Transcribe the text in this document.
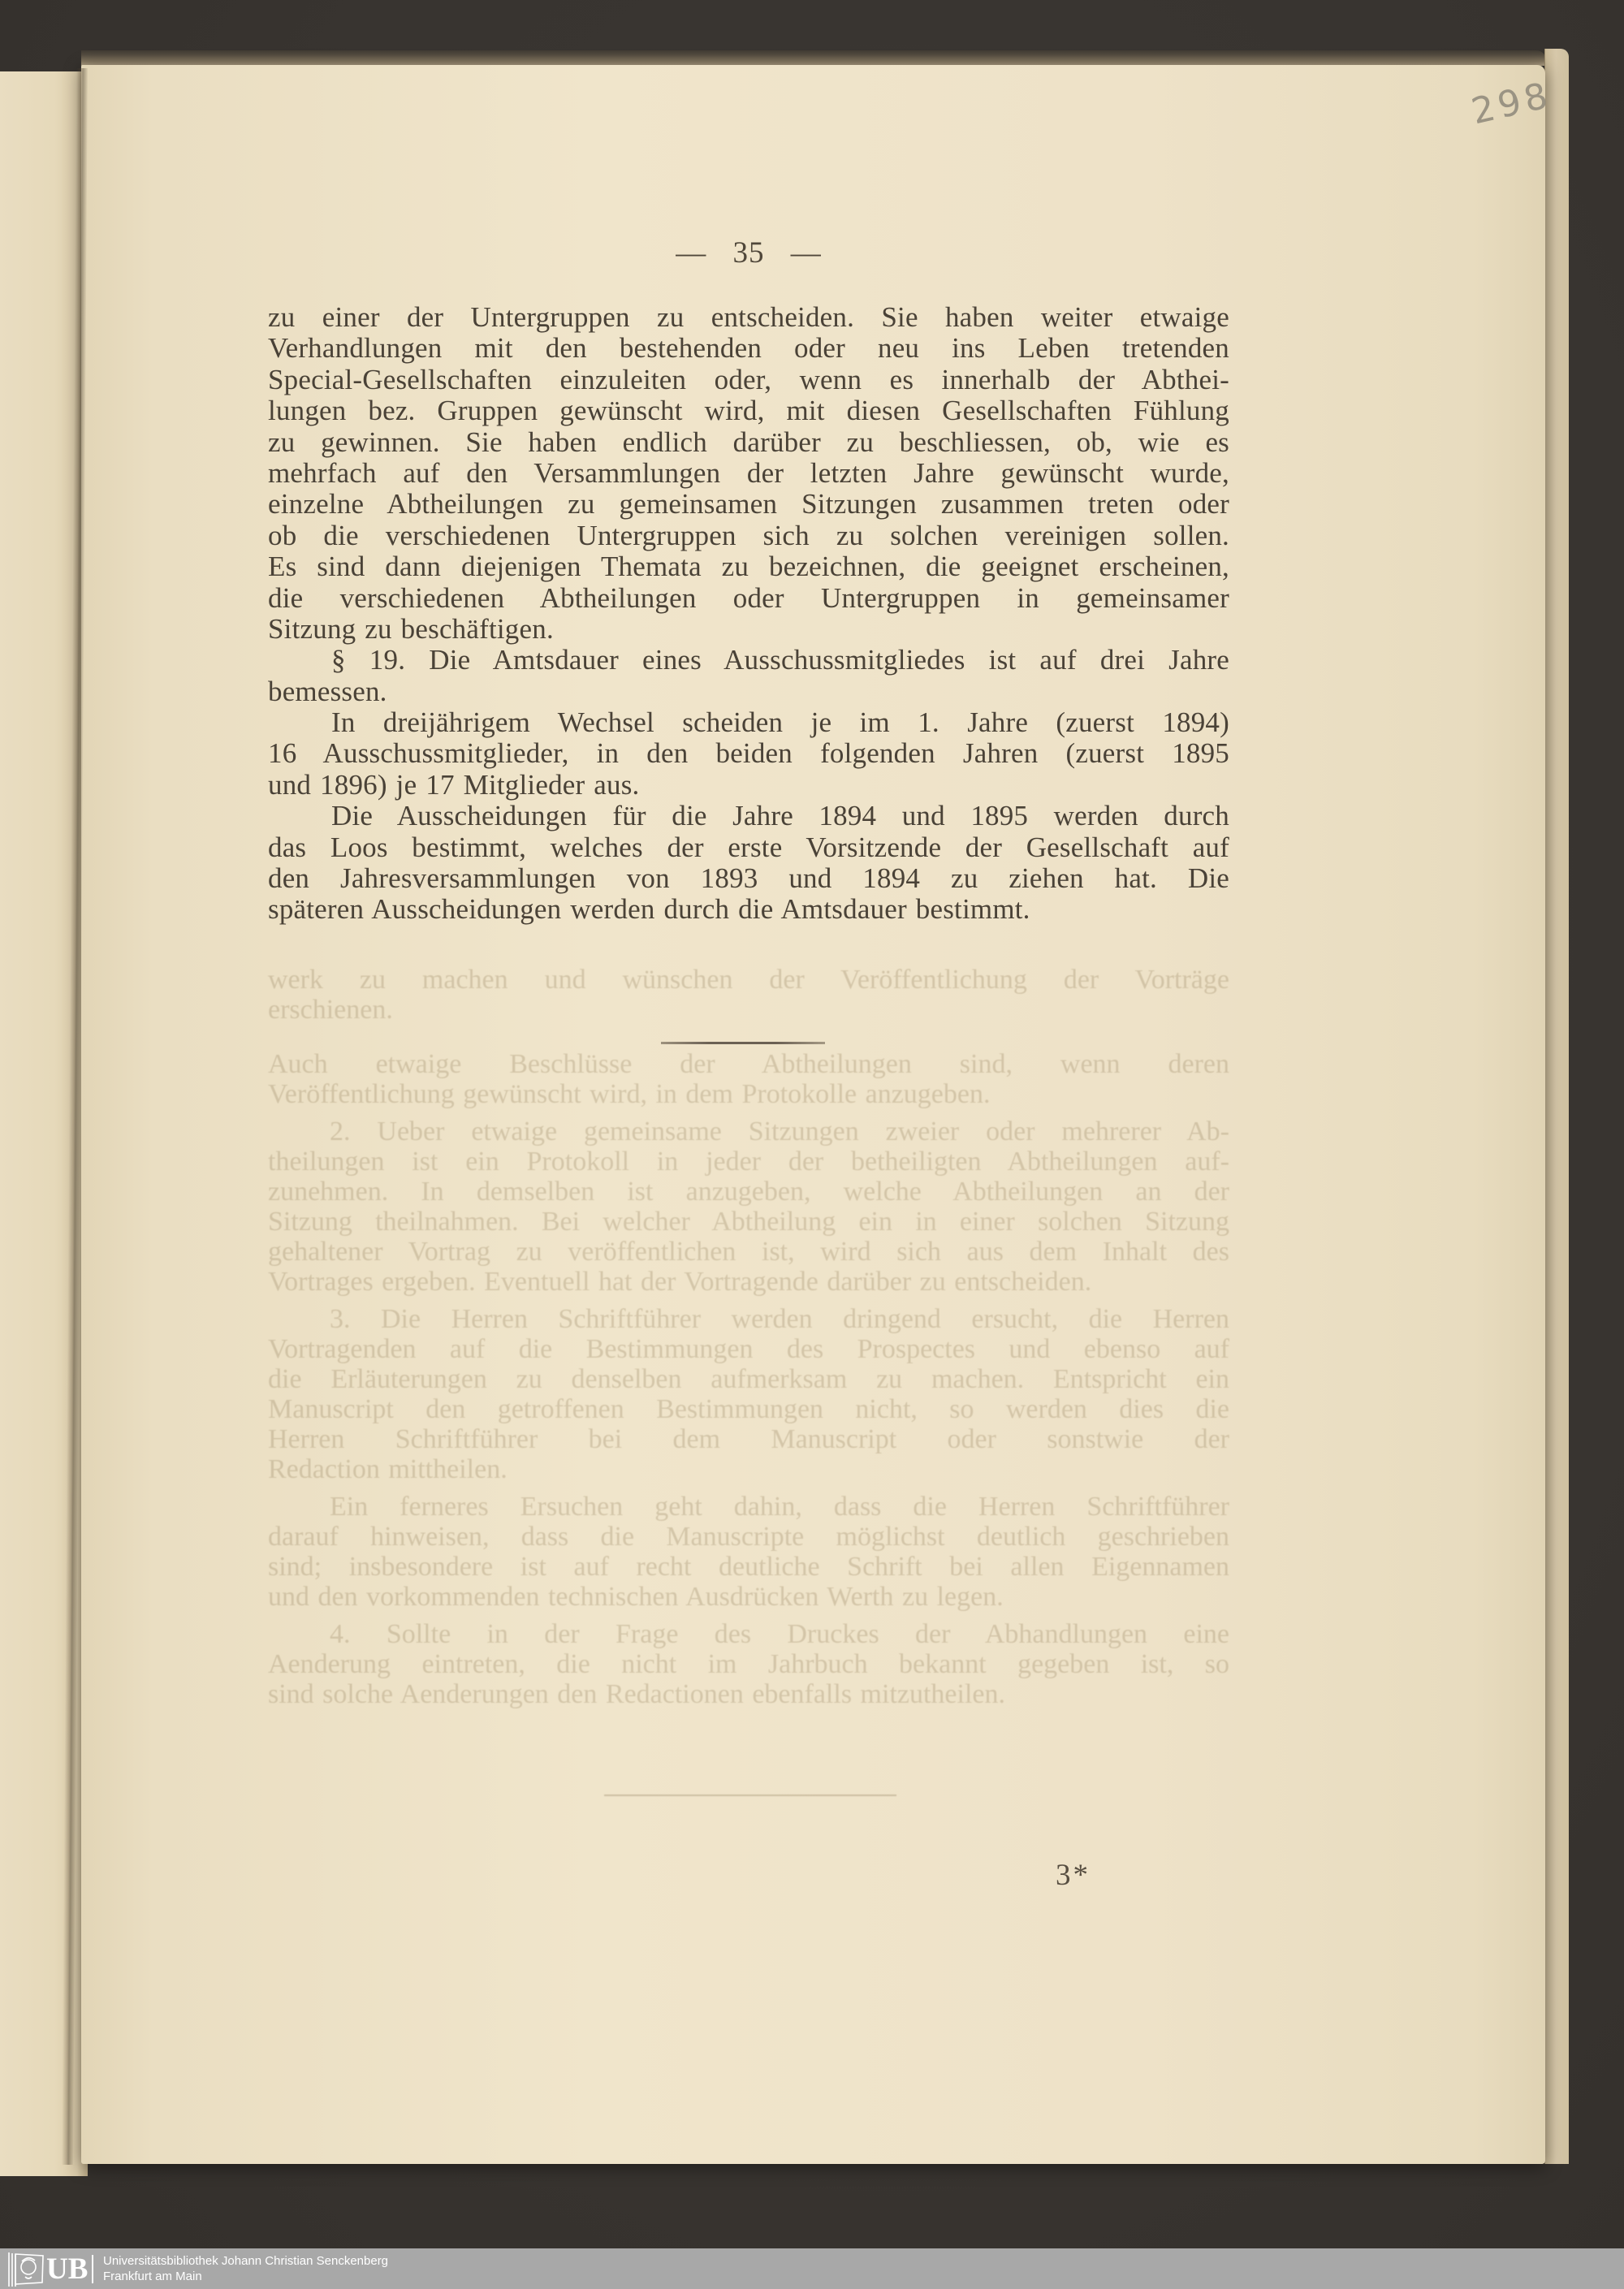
298
— 35 —
zu einer der Untergruppen zu entscheiden. Sie haben weiter etwaige
Verhandlungen mit den bestehenden oder neu ins Leben tretenden
Special-Gesellschaften einzuleiten oder, wenn es innerhalb der Abthei-
lungen bez. Gruppen gewünscht wird, mit diesen Gesellschaften Fühlung
zu gewinnen. Sie haben endlich darüber zu beschliessen, ob, wie es
mehrfach auf den Versammlungen der letzten Jahre gewünscht wurde,
einzelne Abtheilungen zu gemeinsamen Sitzungen zusammen treten oder
ob die verschiedenen Untergruppen sich zu solchen vereinigen sollen.
Es sind dann diejenigen Themata zu bezeichnen, die geeignet erscheinen,
die verschiedenen Abtheilungen oder Untergruppen in gemeinsamer
Sitzung zu beschäftigen.
§ 19. Die Amtsdauer eines Ausschussmitgliedes ist auf drei Jahre
bemessen.
In dreijährigem Wechsel scheiden je im 1. Jahre (zuerst 1894)
16 Ausschussmitglieder, in den beiden folgenden Jahren (zuerst 1895
und 1896) je 17 Mitglieder aus.
Die Ausscheidungen für die Jahre 1894 und 1895 werden durch
das Loos bestimmt, welches der erste Vorsitzende der Gesellschaft auf
den Jahresversammlungen von 1893 und 1894 zu ziehen hat. Die
späteren Ausscheidungen werden durch die Amtsdauer bestimmt.
werk zu machen und wünschen der Veröffentlichung der Vorträge
erschienen.
Auch etwaige Beschlüsse der Abtheilungen sind, wenn deren
Veröffentlichung gewünscht wird, in dem Protokolle anzugeben.
2. Ueber etwaige gemeinsame Sitzungen zweier oder mehrerer Ab-
theilungen ist ein Protokoll in jeder der betheiligten Abtheilungen auf-
zunehmen. In demselben ist anzugeben, welche Abtheilungen an der
Sitzung theilnahmen. Bei welcher Abtheilung ein in einer solchen Sitzung
gehaltener Vortrag zu veröffentlichen ist, wird sich aus dem Inhalt des
Vortrages ergeben. Eventuell hat der Vortragende darüber zu entscheiden.
3. Die Herren Schriftführer werden dringend ersucht, die Herren
Vortragenden auf die Bestimmungen des Prospectes und ebenso auf
die Erläuterungen zu denselben aufmerksam zu machen. Entspricht ein
Manuscript den getroffenen Bestimmungen nicht, so werden dies die
Herren Schriftführer bei dem Manuscript oder sonstwie der
Redaction mittheilen.
Ein ferneres Ersuchen geht dahin, dass die Herren Schriftführer
darauf hinweisen, dass die Manuscripte möglichst deutlich geschrieben
sind; insbesondere ist auf recht deutliche Schrift bei allen Eigennamen
und den vorkommenden technischen Ausdrücken Werth zu legen.
4. Sollte in der Frage des Druckes der Abhandlungen eine
Aenderung eintreten, die nicht im Jahrbuch bekannt gegeben ist, so
sind solche Aenderungen den Redactionen ebenfalls mitzutheilen.
3*
UB Universitätsbibliothek Johann Christian Senckenberg
Frankfurt am Main
